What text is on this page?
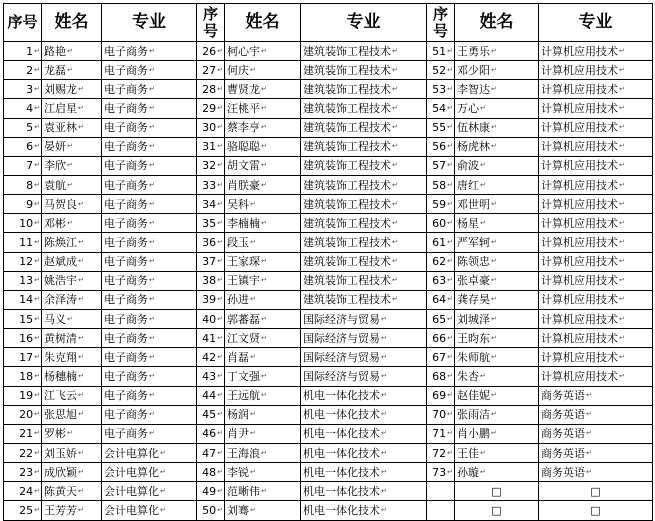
序号	姓名	专业	序号	姓名	专业	序号	姓名	专业
1↵	路艳↵	电子商务↵	26↵	柯心宇↵	建筑装饰工程技术↵	51↵	王勇乐↵	计算机应用技术↵
2↵	龙磊↵	电子商务↵	27↵	何庆↵	建筑装饰工程技术↵	52↵	邓少阳↵	计算机应用技术↵
3↵	刘赐龙↵	电子商务↵	28↵	曹贤龙↵	建筑装饰工程技术↵	53↵	李智达↵	计算机应用技术↵
4↵	江启星↵	电子商务↵	29↵	汪桃平↵	建筑装饰工程技术↵	54↵	万心↵	计算机应用技术↵
5↵	袁亚林↵	电子商务↵	30↵	蔡李亨↵	建筑装饰工程技术↵	55↵	伍林康↵	计算机应用技术↵
6↵	晏妍↵	电子商务↵	31↵	骆聪聪↵	建筑装饰工程技术↵	56↵	杨虎林↵	计算机应用技术↵
7↵	李欣↵	电子商务↵	32↵	胡文雷↵	建筑装饰工程技术↵	57↵	俞波↵	计算机应用技术↵
8↵	袁航↵	电子商务↵	33↵	肖朕豪↵	建筑装饰工程技术↵	58↵	唐红↵	计算机应用技术↵
9↵	马贺良↵	电子商务↵	34↵	吴科↵	建筑装饰工程技术↵	59↵	邓世明↵	计算机应用技术↵
10↵	邓彬↵	电子商务↵	35↵	李楠楠↵	建筑装饰工程技术↵	60↵	杨星↵	计算机应用技术↵
11↵	陈焕江↵	电子商务↵	36↵	段玉↵	建筑装饰工程技术↵	61↵	严军轲↵	计算机应用技术↵
12↵	赵斌成↵	电子商务↵	37↵	王家琛↵	建筑装饰工程技术↵	62↵	陈领忠↵	计算机应用技术↵
13↵	姚浩宇↵	电子商务↵	38↵	王镇宇↵	建筑装饰工程技术↵	63↵	张卓豪↵	计算机应用技术↵
14↵	余泽涛↵	电子商务↵	39↵	孙进↵	建筑装饰工程技术↵	64↵	龚存昊↵	计算机应用技术↵
15↵	马义↵	电子商务↵	40↵	郭蕃磊↵	国际经济与贸易↵	65↵	刘城泽↵	计算机应用技术↵
16↵	黄树清↵	电子商务↵	41↵	江文贤↵	国际经济与贸易↵	66↵	王昀东↵	计算机应用技术↵
17↵	朱克翔↵	电子商务↵	42↵	肖磊↵	国际经济与贸易↵	67↵	朱师航↵	计算机应用技术↵
18↵	杨穗楠↵	电子商务↵	43↵	丁文强↵	国际经济与贸易↵	68↵	朱杏↵	计算机应用技术↵
19↵	江飞云↵	电子商务↵	44↵	王远航↵	机电一体化技术↵	69↵	赵佳妮↵	商务英语↵
20↵	张思旭↵	电子商务↵	45↵	杨润↵	机电一体化技术↵	70↵	张雨洁↵	商务英语↵
21↵	罗彬↵	电子商务↵	46↵	肖尹↵	机电一体化技术↵	71↵	肖小鹏↵	商务英语↵
22↵	刘玉娇↵	会计电算化↵	47↵	王海浪↵	机电一体化技术↵	72↵	王佳↵	商务英语↵
23↵	成欣颖↵	会计电算化↵	48↵	李锐↵	机电一体化技术↵	73↵	孙璇↵	商务英语↵
24↵	陈黄天↵	会计电算化↵	49↵	范晰伟↵	机电一体化技术↵		□	□
25↵	王芳芳↵	会计电算化↵	50↵	刘骞↵	机电一体化技术↵		□	□
